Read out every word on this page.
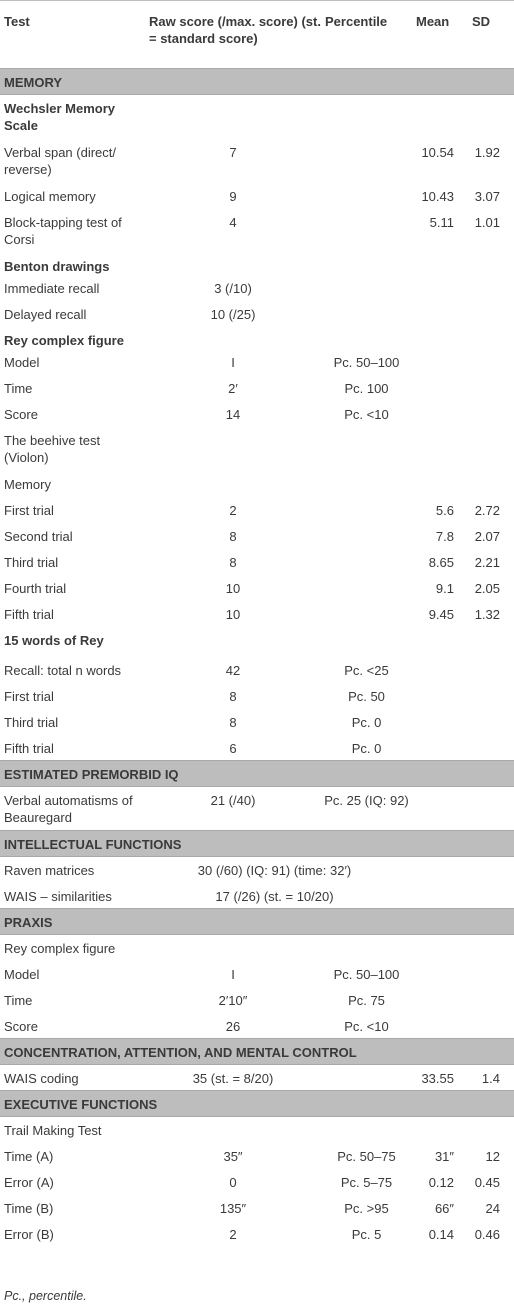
Test	Raw score (/max. score) (st. = standard score)	Percentile	Mean	SD
MEMORY				
Wechsler Memory Scale				
Verbal span (direct/ reverse)	7		10.54	1.92
Logical memory	9		10.43	3.07
Block-tapping test of Corsi	4		5.11	1.01
Benton drawings				
Immediate recall	3 (/10)			
Delayed recall	10 (/25)			
Rey complex figure				
Model	I	Pc. 50–100		
Time	2′	Pc. 100		
Score	14	Pc. <10		
The beehive test (Violon)				
Memory				
First trial	2		5.6	2.72
Second trial	8		7.8	2.07
Third trial	8		8.65	2.21
Fourth trial	10		9.1	2.05
Fifth trial	10		9.45	1.32
15 words of Rey				
Recall: total n words	42	Pc. <25		
First trial	8	Pc. 50		
Third trial	8	Pc. 0		
Fifth trial	6	Pc. 0		
ESTIMATED PREMORBID IQ				
Verbal automatisms of Beauregard	21 (/40)	Pc. 25 (IQ: 92)		
INTELLECTUAL FUNCTIONS				
Raven matrices	30 (/60) (IQ: 91) (time: 32′)			
WAIS – similarities	17 (/26) (st. = 10/20)			
PRAXIS				
Rey complex figure				
Model	I	Pc. 50–100		
Time	2′10″	Pc. 75		
Score	26	Pc. <10		
CONCENTRATION, ATTENTION, AND MENTAL CONTROL				
WAIS coding	35 (st. = 8/20)		33.55	1.4
EXECUTIVE FUNCTIONS				
Trail Making Test				
Time (A)	35″	Pc. 50–75	31″	12
Error (A)	0	Pc. 5–75	0.12	0.45
Time (B)	135″	Pc. >95	66″	24
Error (B)	2	Pc. 5	0.14	0.46
Pc., percentile.
